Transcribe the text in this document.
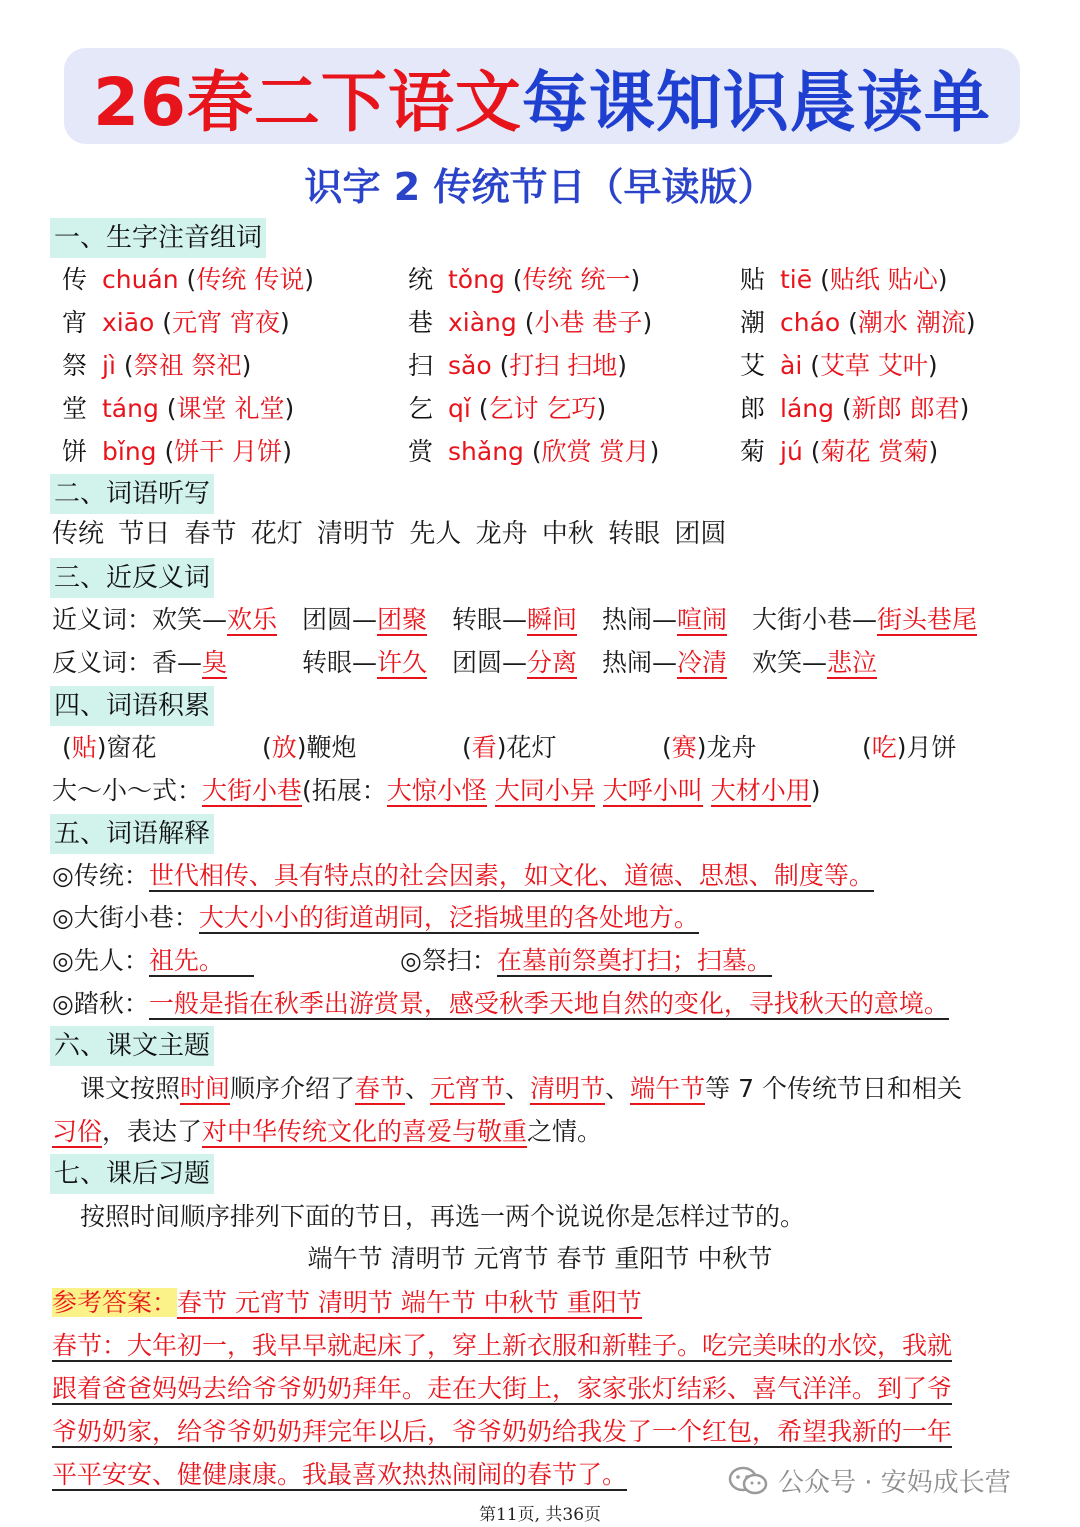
26春二下语文 每课知识晨读单
识字 2 传统节日（早读版）
一、生字注音组词
传 chuán (传统 传说)	统 tǒng (传统 统一)	贴 tiē (贴纸 贴心)
宵 xiāo (元宵 宵夜)	巷 xiàng (小巷 巷子)	潮 cháo (潮水 潮流)
祭 jì (祭祖 祭祀)	扫 sǎo (打扫 扫地)	艾 ài (艾草 艾叶)
堂 táng (课堂 礼堂)	乞 qǐ (乞讨 乞巧)	郎 láng (新郎 郎君)
饼 bǐng (饼干 月饼)	赏 shǎng (欣赏 赏月)	菊 jú (菊花 赏菊)
二、词语听写
传统 节日 春节 花灯 清明节 先人 龙舟 中秋 转眼 团圆
三、近反义词
近义词：欢笑—欢乐 团圆—团聚 转眼—瞬间 热闹—喧闹 大街小巷—街头巷尾
反义词：香—臭	转眼—许久 团圆—分离 热闹—冷清 欢笑—悲泣
四、词语积累
(贴)窗花	(放)鞭炮	(看)花灯	(赛)龙舟	(吃)月饼
大～小～式：大街小巷(拓展：大惊小怪 大同小异 大呼小叫 大材小用)
五、词语解释
◎传统：世代相传、具有特点的社会因素，如文化、道德、思想、制度等。
◎大街小巷：大大小小的街道胡同，泛指城里的各处地方。
◎先人：祖先。	◎祭扫：在墓前祭奠打扫；扫墓。
◎踏秋：一般是指在秋季出游赏景，感受秋季天地自然的变化，寻找秋天的意境。
六、课文主题
课文按照时间顺序介绍了春节、元宵节、清明节、端午节等 7 个传统节日和相关
习俗，表达了对中华传统文化的喜爱与敬重之情。
七、课后习题
按照时间顺序排列下面的节日，再选一两个说说你是怎样过节的。
端午节 清明节 元宵节 春节 重阳节 中秋节
参考答案：春节 元宵节 清明节 端午节 中秋节 重阳节
春节：大年初一，我早早就起床了，穿上新衣服和新鞋子。吃完美味的水饺，我就
跟着爸爸妈妈去给爷爷奶奶拜年。走在大街上，家家张灯结彩、喜气洋洋。到了爷
爷奶奶家，给爷爷奶奶拜完年以后，爷爷奶奶给我发了一个红包，希望我新的一年
平平安安、健健康康。我最喜欢热热闹闹的春节了。	公众号 · 安妈成长营
第11页, 共36页
